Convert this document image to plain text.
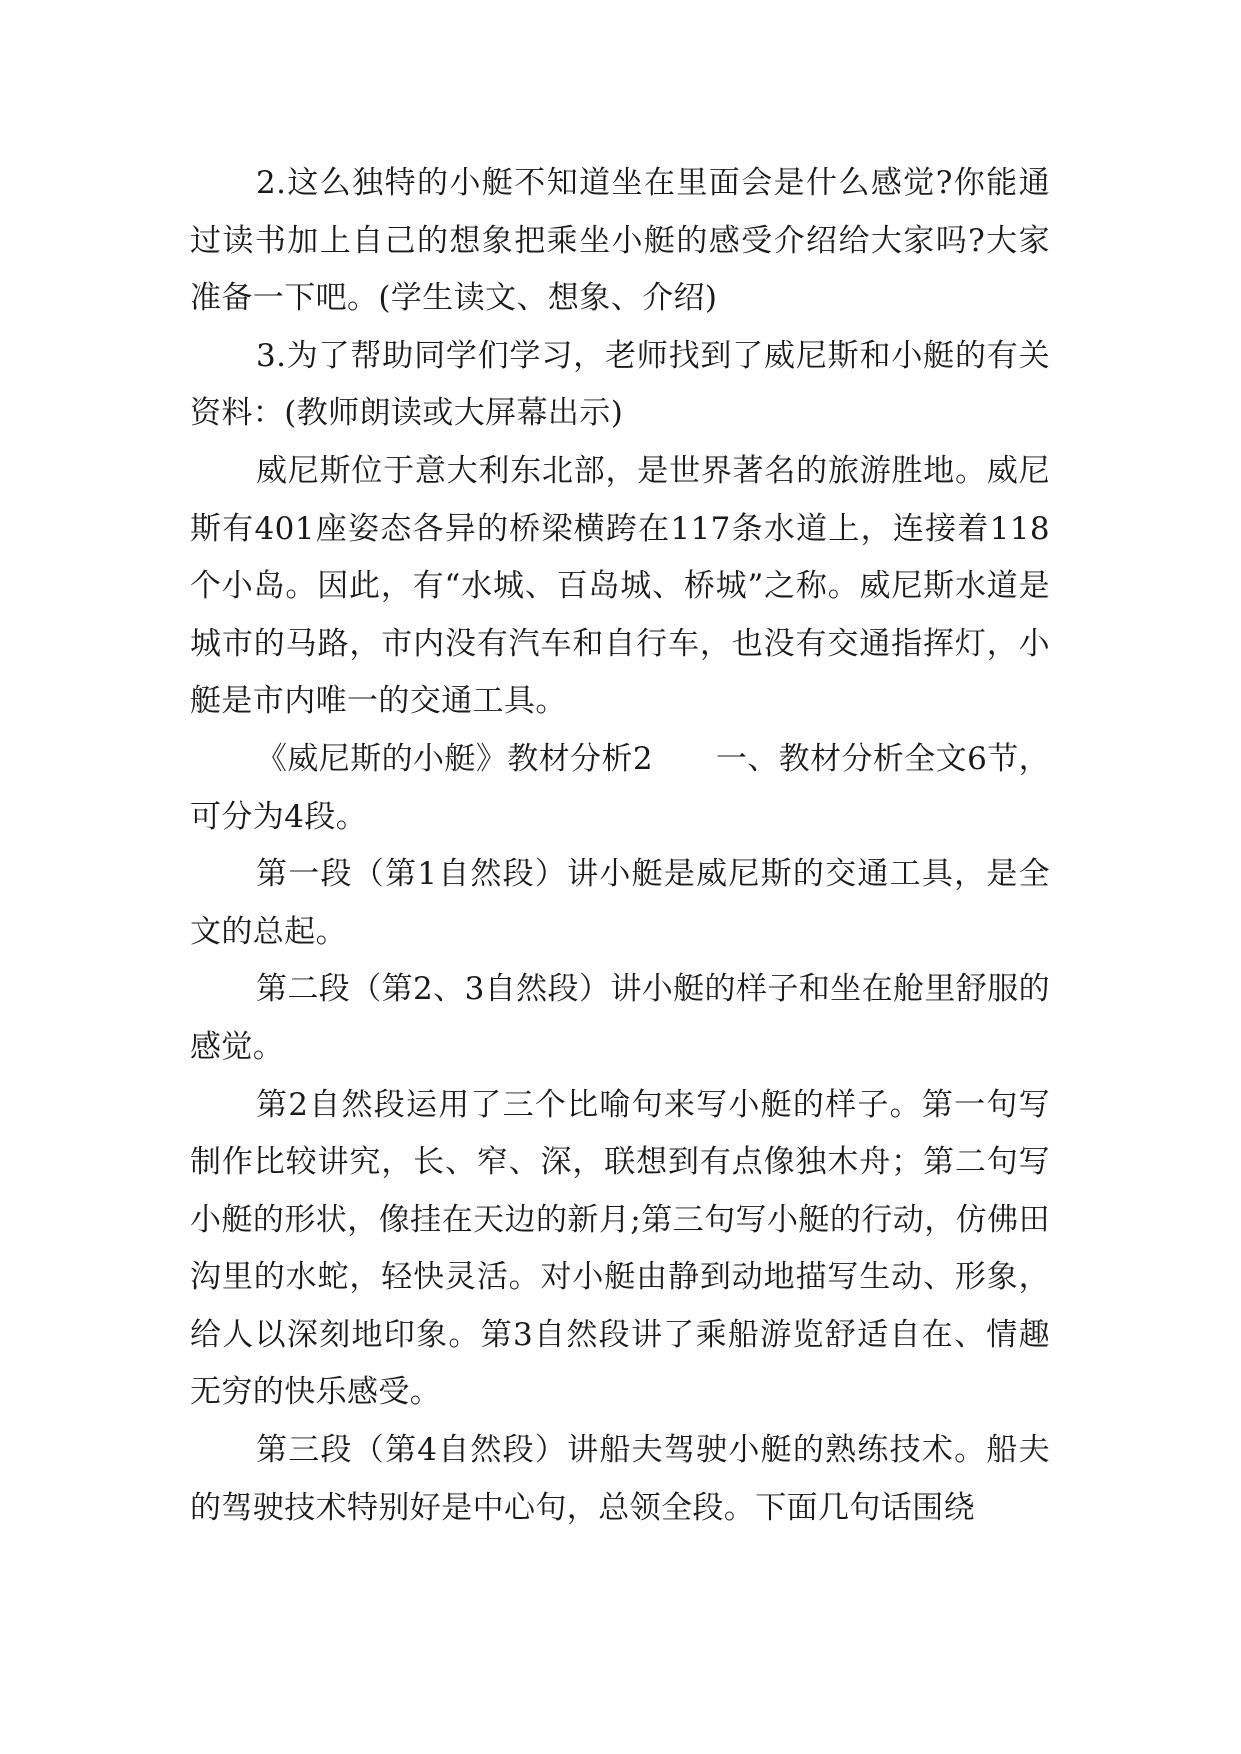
2.这么独特的小艇不知道坐在里面会是什么感觉?你能通过读书加上自己的想象把乘坐小艇的感受介绍给大家吗?大家准备一下吧。(学生读文、想象、介绍)

3.为了帮助同学们学习，老师找到了威尼斯和小艇的有关资料：(教师朗读或大屏幕出示)

威尼斯位于意大利东北部，是世界著名的旅游胜地。威尼斯有401座姿态各异的桥梁横跨在117条水道上，连接着118个小岛。因此，有“水城、百岛城、桥城”之称。威尼斯水道是城市的马路，市内没有汽车和自行车，也没有交通指挥灯，小艇是市内唯一的交通工具。

《威尼斯的小艇》教材分析2　　一、教材分析全文6节，可分为4段。

第一段（第1自然段）讲小艇是威尼斯的交通工具，是全文的总起。

第二段（第2、3自然段）讲小艇的样子和坐在舱里舒服的感觉。

第2自然段运用了三个比喻句来写小艇的样子。第一句写制作比较讲究，长、窄、深，联想到有点像独木舟；第二句写小艇的形状，像挂在天边的新月;第三句写小艇的行动，仿佛田沟里的水蛇，轻快灵活。对小艇由静到动地描写生动、形象，给人以深刻地印象。第3自然段讲了乘船游览舒适自在、情趣无穷的快乐感受。

第三段（第4自然段）讲船夫驾驶小艇的熟练技术。船夫的驾驶技术特别好是中心句，总领全段。下面几句话围绕
